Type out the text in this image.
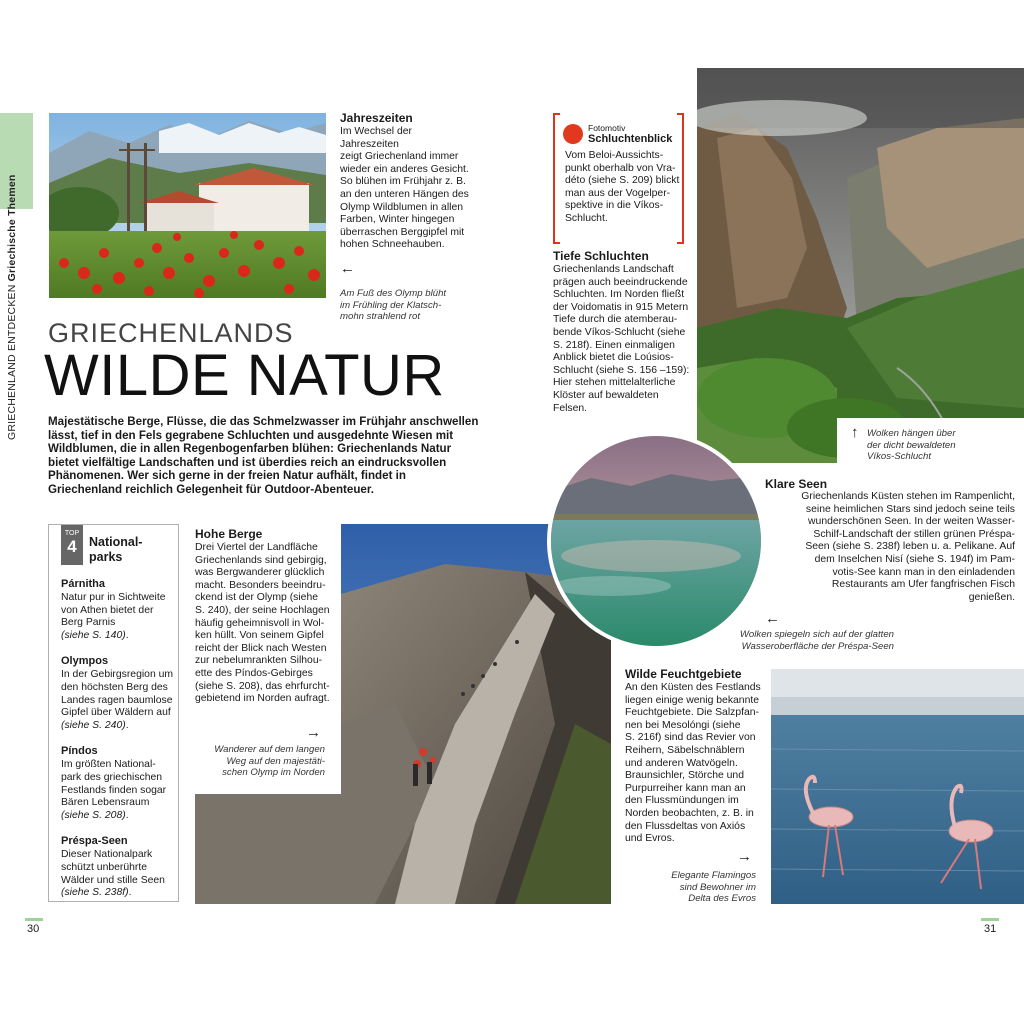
GRIECHENLAND ENTDECKEN Griechische Themen

Jahreszeiten

Im Wechsel der Jahreszeiten
zeigt Griechenland immer
wieder ein anderes Gesicht.
So blühen im Frühjahr z. B.
an den unteren Hängen des
Olymp Wildblumen in allen
Farben, Winter hingegen
überraschen Berggipfel mit
hohen Schneehauben.
←
Am Fuß des Olymp blüht
im Frühling der Klatsch-
mohn strahlend rot
GRIECHENLANDS
WILDE NATUR

Majestätische Berge, Flüsse, die das Schmelzwasser im Frühjahr anschwellen lässt, tief in den Fels gegrabene Schluchten und ausgedehnte Wiesen mit Wildblumen, die in allen Regenbogenfarben blühen: Griechenlands Natur bietet vielfältige Landschaften und ist überdies reich an eindrucksvollen Phänomenen. Wer sich gerne in der freien Natur aufhält, findet in Griechenland reichlich Gelegenheit für Outdoor-Abenteuer.

TOP
4 National-
parks
Párnitha
Natur pur in Sichtweite
von Athen bietet der
Berg Parnis
(siehe S. 140).
Olympos
In der Gebirgsregion um
den höchsten Berg des
Landes ragen baumlose
Gipfel über Wäldern auf
(siehe S. 240).
Píndos
Im größten National-
park des griechischen
Festlands finden sogar
Bären Lebensraum
(siehe S. 208).
Préspa-Seen
Dieser Nationalpark
schützt unberührte
Wälder und stille Seen
(siehe S. 238f).

Hohe Berge

Drei Viertel der Landfläche
Griechenlands sind gebirgig,
was Bergwanderer glücklich
macht. Besonders beeindru-
ckend ist der Olymp (siehe
S. 240), der seine Hochlagen
häufig geheimnisvoll in Wol-
ken hüllt. Von seinem Gipfel
reicht der Blick nach Westen
zur nebelumrankten Silhou-
ette des Píndos-Gebirges
(siehe S. 208), das ehrfurcht-
gebietend im Norden aufragt.
→
Wanderer auf dem langen
Weg auf den majestäti-
schen Olymp im Norden
Fotomotiv
Schluchtenblick
Vom Beloi-Aussichts-
punkt oberhalb von Vra-
déto (siehe S. 209) blickt
man aus der Vogelper-
spektive in die Víkos-
Schlucht.

Tiefe Schluchten

Griechenlands Landschaft
prägen auch beeindruckende
Schluchten. Im Norden fließt
der Voidomatis in 915 Metern
Tiefe durch die atemberau-
bende Víkos-Schlucht (siehe
S. 218f). Einen einmaligen
Anblick bietet die Loúsios-
Schlucht (siehe S. 156 –159):
Hier stehen mittelalterliche
Klöster auf bewaldeten
Felsen.
↑ Wolken hängen über
der dicht bewaldeten
Víkos-Schlucht

Klare Seen

Griechenlands Küsten stehen im Rampenlicht,
seine heimlichen Stars sind jedoch seine teils
wunderschönen Seen. In der weiten Wasser-
Schilf-Landschaft der stillen grünen Préspa-
Seen (siehe S. 238f) leben u. a. Pelikane. Auf
dem Inselchen Nisí (siehe S. 194f) im Pam-
votis-See kann man in den einladenden
Restaurants am Ufer fangfrischen Fisch
genießen.
←
Wolken spiegeln sich auf der glatten
Wasseroberfläche der Préspa-Seen

Wilde Feuchtgebiete

An den Küsten des Festlands
liegen einige wenig bekannte
Feuchtgebiete. Die Salzpfan-
nen bei Mesolóngi (siehe
S. 216f) sind das Revier von
Reihern, Säbelschnäblern
und anderen Watvögeln.
Braunsichler, Störche und
Purpurreiher kann man an
den Flussmündungen im
Norden beobachten, z. B. in
den Flussdeltas von Axiós
und Evros.
→
Elegante Flamingos
sind Bewohner im
Delta des Evros
30	31
